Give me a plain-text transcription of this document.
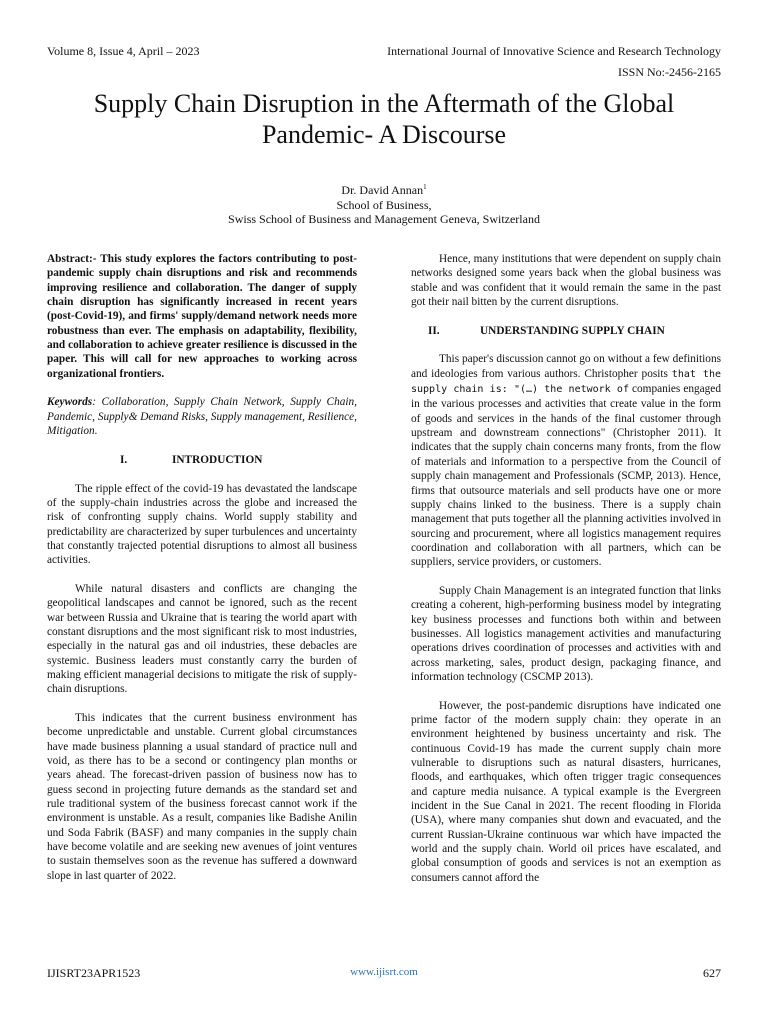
Volume 8, Issue 4, April – 2023	International Journal of Innovative Science and Research Technology
ISSN No:-2456-2165
Supply Chain Disruption in the Aftermath of the Global Pandemic- A Discourse
Dr. David Annan$^1$
School of Business,
Swiss School of Business and Management Geneva, Switzerland

Abstract:- This study explores the factors contributing to post-pandemic supply chain disruptions and risk and recommends improving resilience and collaboration. The danger of supply chain disruption has significantly increased in recent years (post-Covid-19), and firms' supply/demand network needs more robustness than ever. The emphasis on adaptability, flexibility, and collaboration to achieve greater resilience is discussed in the paper. This will call for new approaches to working across organizational frontiers.

Keywords: Collaboration, Supply Chain Network, Supply Chain, Pandemic, Supply& Demand Risks, Supply management, Resilience, Mitigation.

I.	INTRODUCTION

The ripple effect of the covid-19 has devastated the landscape of the supply-chain industries across the globe and increased the risk of confronting supply chains. World supply stability and predictability are characterized by super turbulences and uncertainty that constantly trajected potential disruptions to almost all business activities.

While natural disasters and conflicts are changing the geopolitical landscapes and cannot be ignored, such as the recent war between Russia and Ukraine that is tearing the world apart with constant disruptions and the most significant risk to most industries, especially in the natural gas and oil industries, these debacles are systemic. Business leaders must constantly carry the burden of making efficient managerial decisions to mitigate the risk of supply-chain disruptions.

This indicates that the current business environment has become unpredictable and unstable. Current global circumstances have made business planning a usual standard of practice null and void, as there has to be a second or contingency plan months or years ahead. The forecast-driven passion of business now has to guess second in projecting future demands as the standard set and rule traditional system of the business forecast cannot work if the environment is unstable. As a result, companies like Badishe Anilin und Soda Fabrik (BASF) and many companies in the supply chain have become volatile and are seeking new avenues of joint ventures to sustain themselves soon as the revenue has suffered a downward slope in last quarter of 2022.

Hence, many institutions that were dependent on supply chain networks designed some years back when the global business was stable and was confident that it would remain the same in the past got their nail bitten by the current disruptions.

II.	UNDERSTANDING SUPPLY CHAIN

This paper's discussion cannot go on without a few definitions and ideologies from various authors. Christopher posits that the supply chain is: "(…) the network of companies engaged in the various processes and activities that create value in the form of goods and services in the hands of the final customer through upstream and downstream connections" (Christopher 2011). It indicates that the supply chain concerns many fronts, from the flow of materials and information to a perspective from the Council of supply chain management and Professionals (SCMP, 2013). Hence, firms that outsource materials and sell products have one or more supply chains linked to the business. There is a supply chain management that puts together all the planning activities involved in sourcing and procurement, where all logistics management requires coordination and collaboration with all partners, which can be suppliers, service providers, or customers.

Supply Chain Management is an integrated function that links creating a coherent, high-performing business model by integrating key business processes and functions both within and between businesses. All logistics management activities and manufacturing operations drives coordination of processes and activities with and across marketing, sales, product design, packaging finance, and information technology (CSCMP 2013).

However, the post-pandemic disruptions have indicated one prime factor of the modern supply chain: they operate in an environment heightened by business uncertainty and risk. The continuous Covid-19 has made the current supply chain more vulnerable to disruptions such as natural disasters, hurricanes, floods, and earthquakes, which often trigger tragic consequences and capture media nuisance. A typical example is the Evergreen incident in the Sue Canal in 2021. The recent flooding in Florida (USA), where many companies shut down and evacuated, and the current Russian-Ukraine continuous war which have impacted the world and the supply chain. World oil prices have escalated, and global consumption of goods and services is not an exemption as consumers cannot afford the

IJISRT23APR1523	www.ijisrt.com	627
